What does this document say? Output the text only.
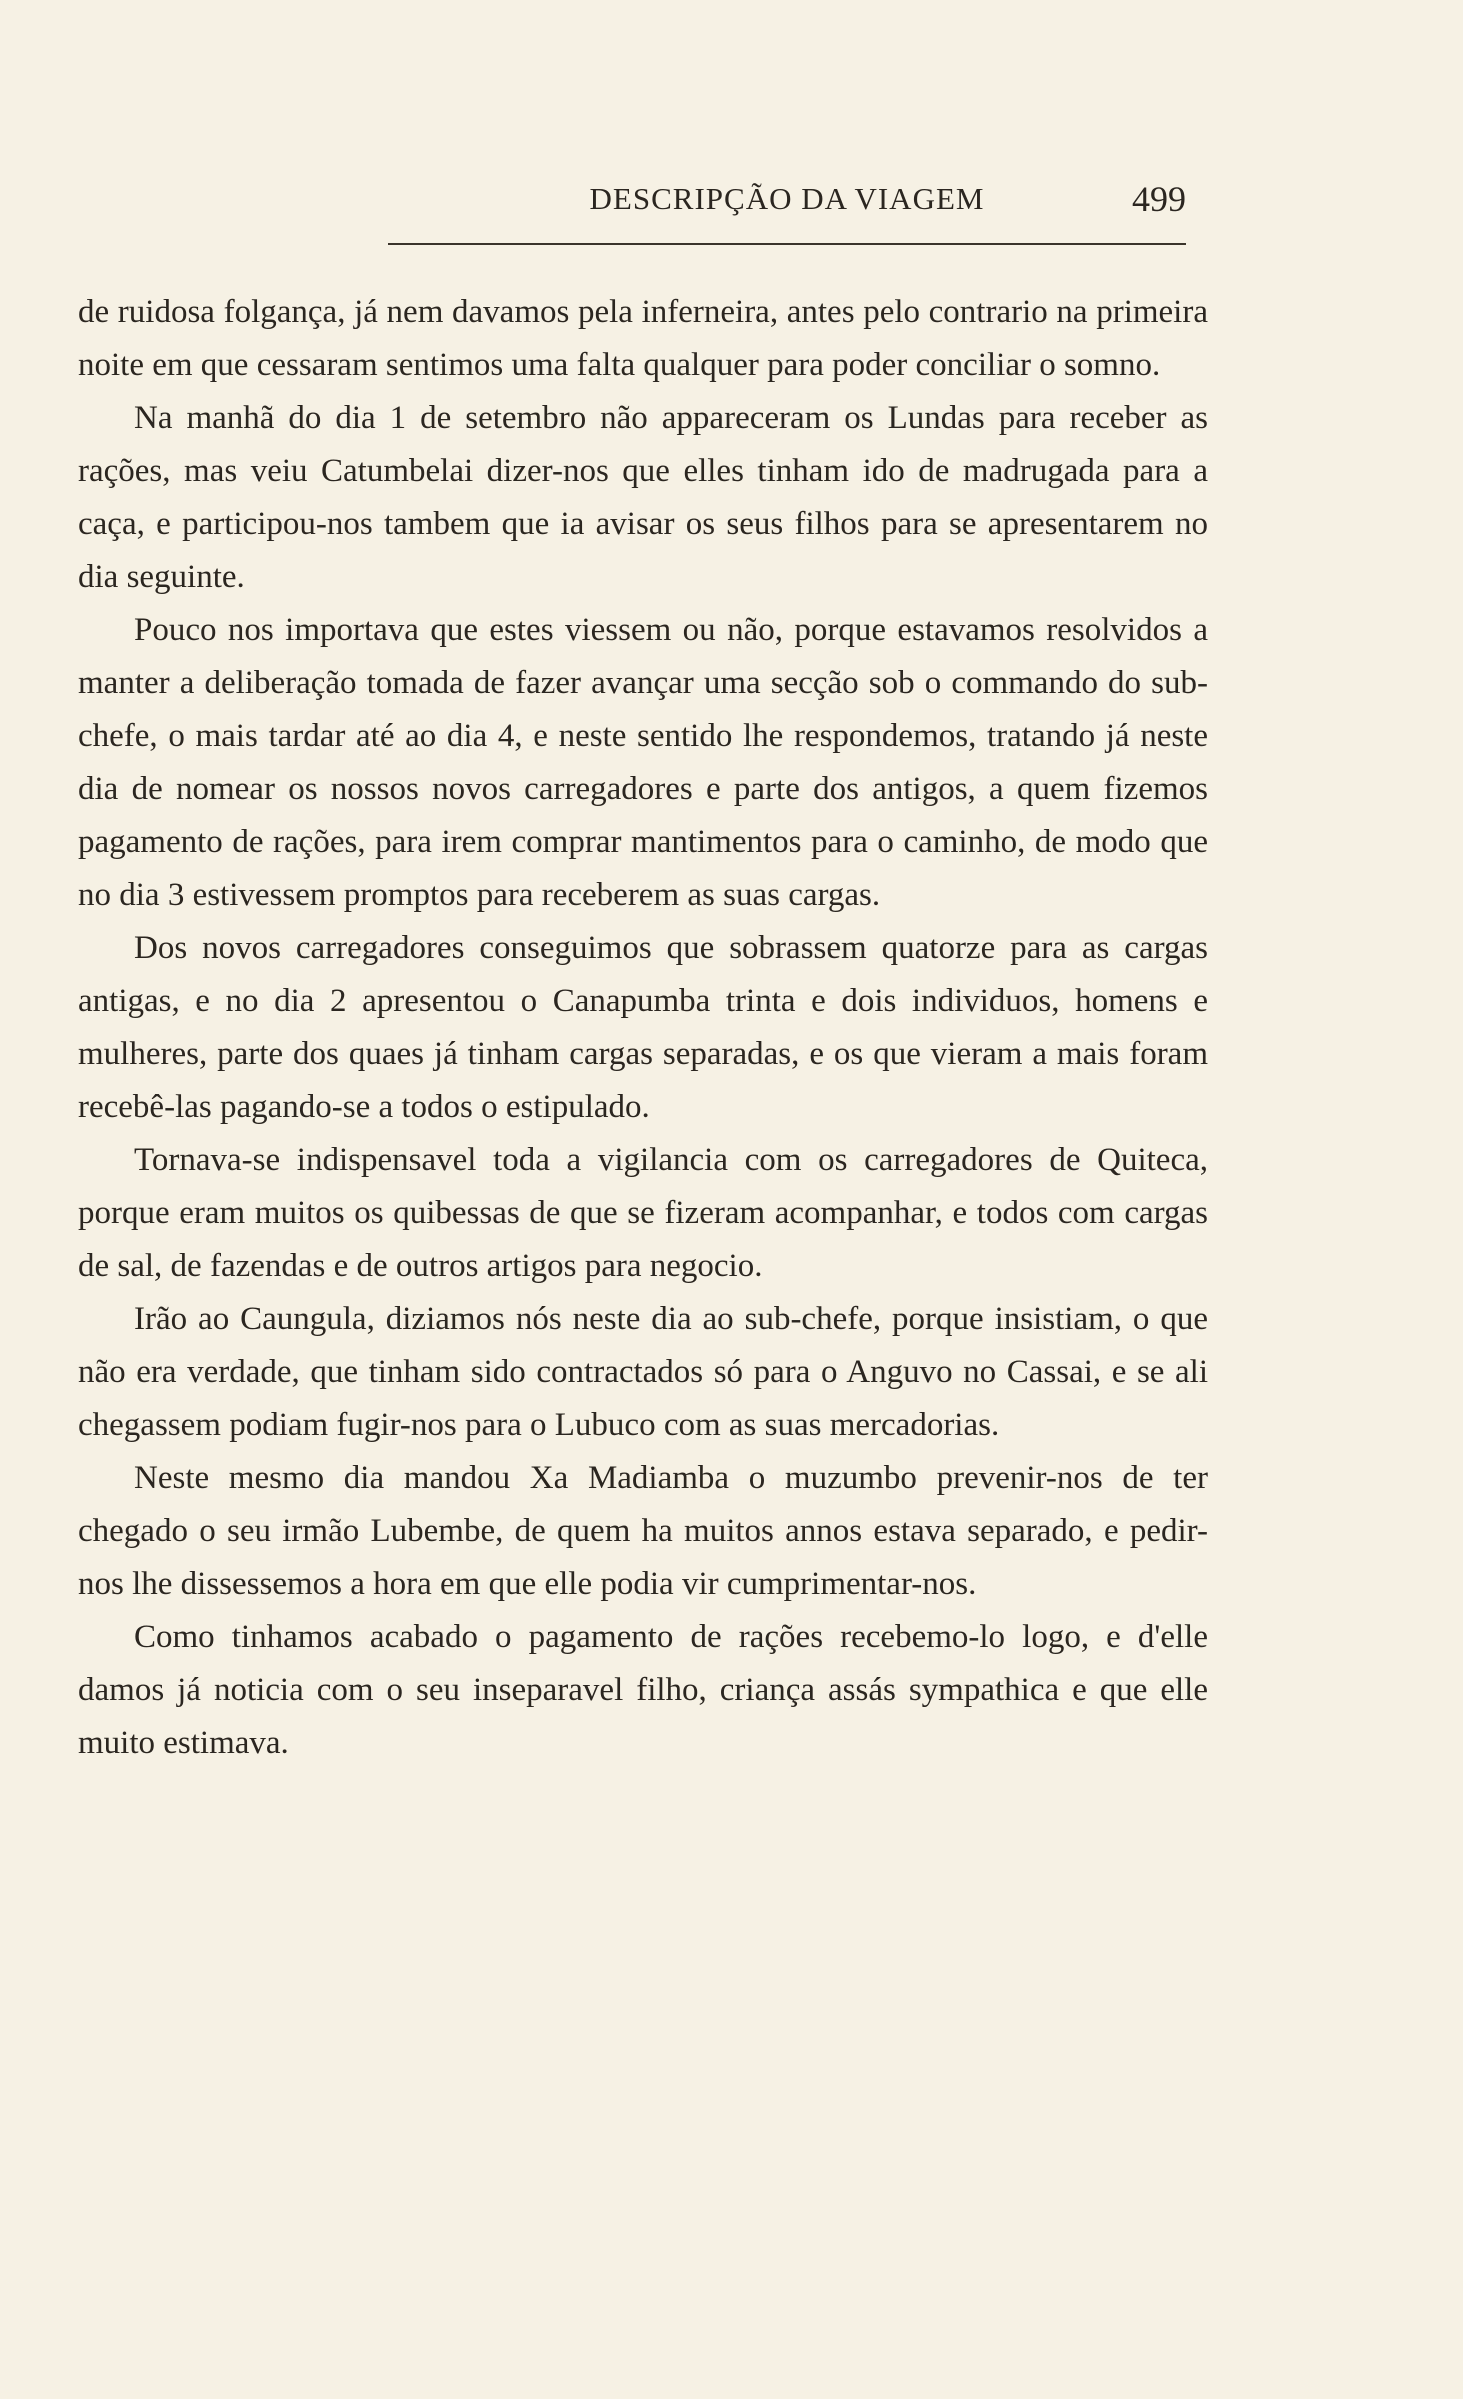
DESCRIPÇÃO DA VIAGEM	499

de ruidosa folgança, já nem davamos pela inferneira, antes pelo contrario na primeira noite em que cessaram sentimos uma falta qualquer para poder conciliar o somno.

Na manhã do dia 1 de setembro não appareceram os Lundas para receber as rações, mas veiu Catumbelai dizer-nos que elles tinham ido de madrugada para a caça, e participou-nos tambem que ia avisar os seus filhos para se apresentarem no dia seguinte.

Pouco nos importava que estes viessem ou não, porque estavamos resolvidos a manter a deliberação tomada de fazer avançar uma secção sob o commando do sub-chefe, o mais tardar até ao dia 4, e neste sentido lhe respondemos, tratando já neste dia de nomear os nossos novos carregadores e parte dos antigos, a quem fizemos pagamento de rações, para irem comprar mantimentos para o caminho, de modo que no dia 3 estivessem promptos para receberem as suas cargas.

Dos novos carregadores conseguimos que sobrassem quatorze para as cargas antigas, e no dia 2 apresentou o Canapumba trinta e dois individuos, homens e mulheres, parte dos quaes já tinham cargas separadas, e os que vieram a mais foram recebê-las pagando-se a todos o estipulado.

Tornava-se indispensavel toda a vigilancia com os carregadores de Quiteca, porque eram muitos os quibessas de que se fizeram acompanhar, e todos com cargas de sal, de fazendas e de outros artigos para negocio.

Irão ao Caungula, diziamos nós neste dia ao sub-chefe, porque insistiam, o que não era verdade, que tinham sido contractados só para o Anguvo no Cassai, e se ali chegassem podiam fugir-nos para o Lubuco com as suas mercadorias.

Neste mesmo dia mandou Xa Madiamba o muzumbo prevenir-nos de ter chegado o seu irmão Lubembe, de quem ha muitos annos estava separado, e pedir-nos lhe dissessemos a hora em que elle podia vir cumprimentar-nos.

Como tinhamos acabado o pagamento de rações recebemo-lo logo, e d'elle damos já noticia com o seu inseparavel filho, criança assás sympathica e que elle muito estimava.
